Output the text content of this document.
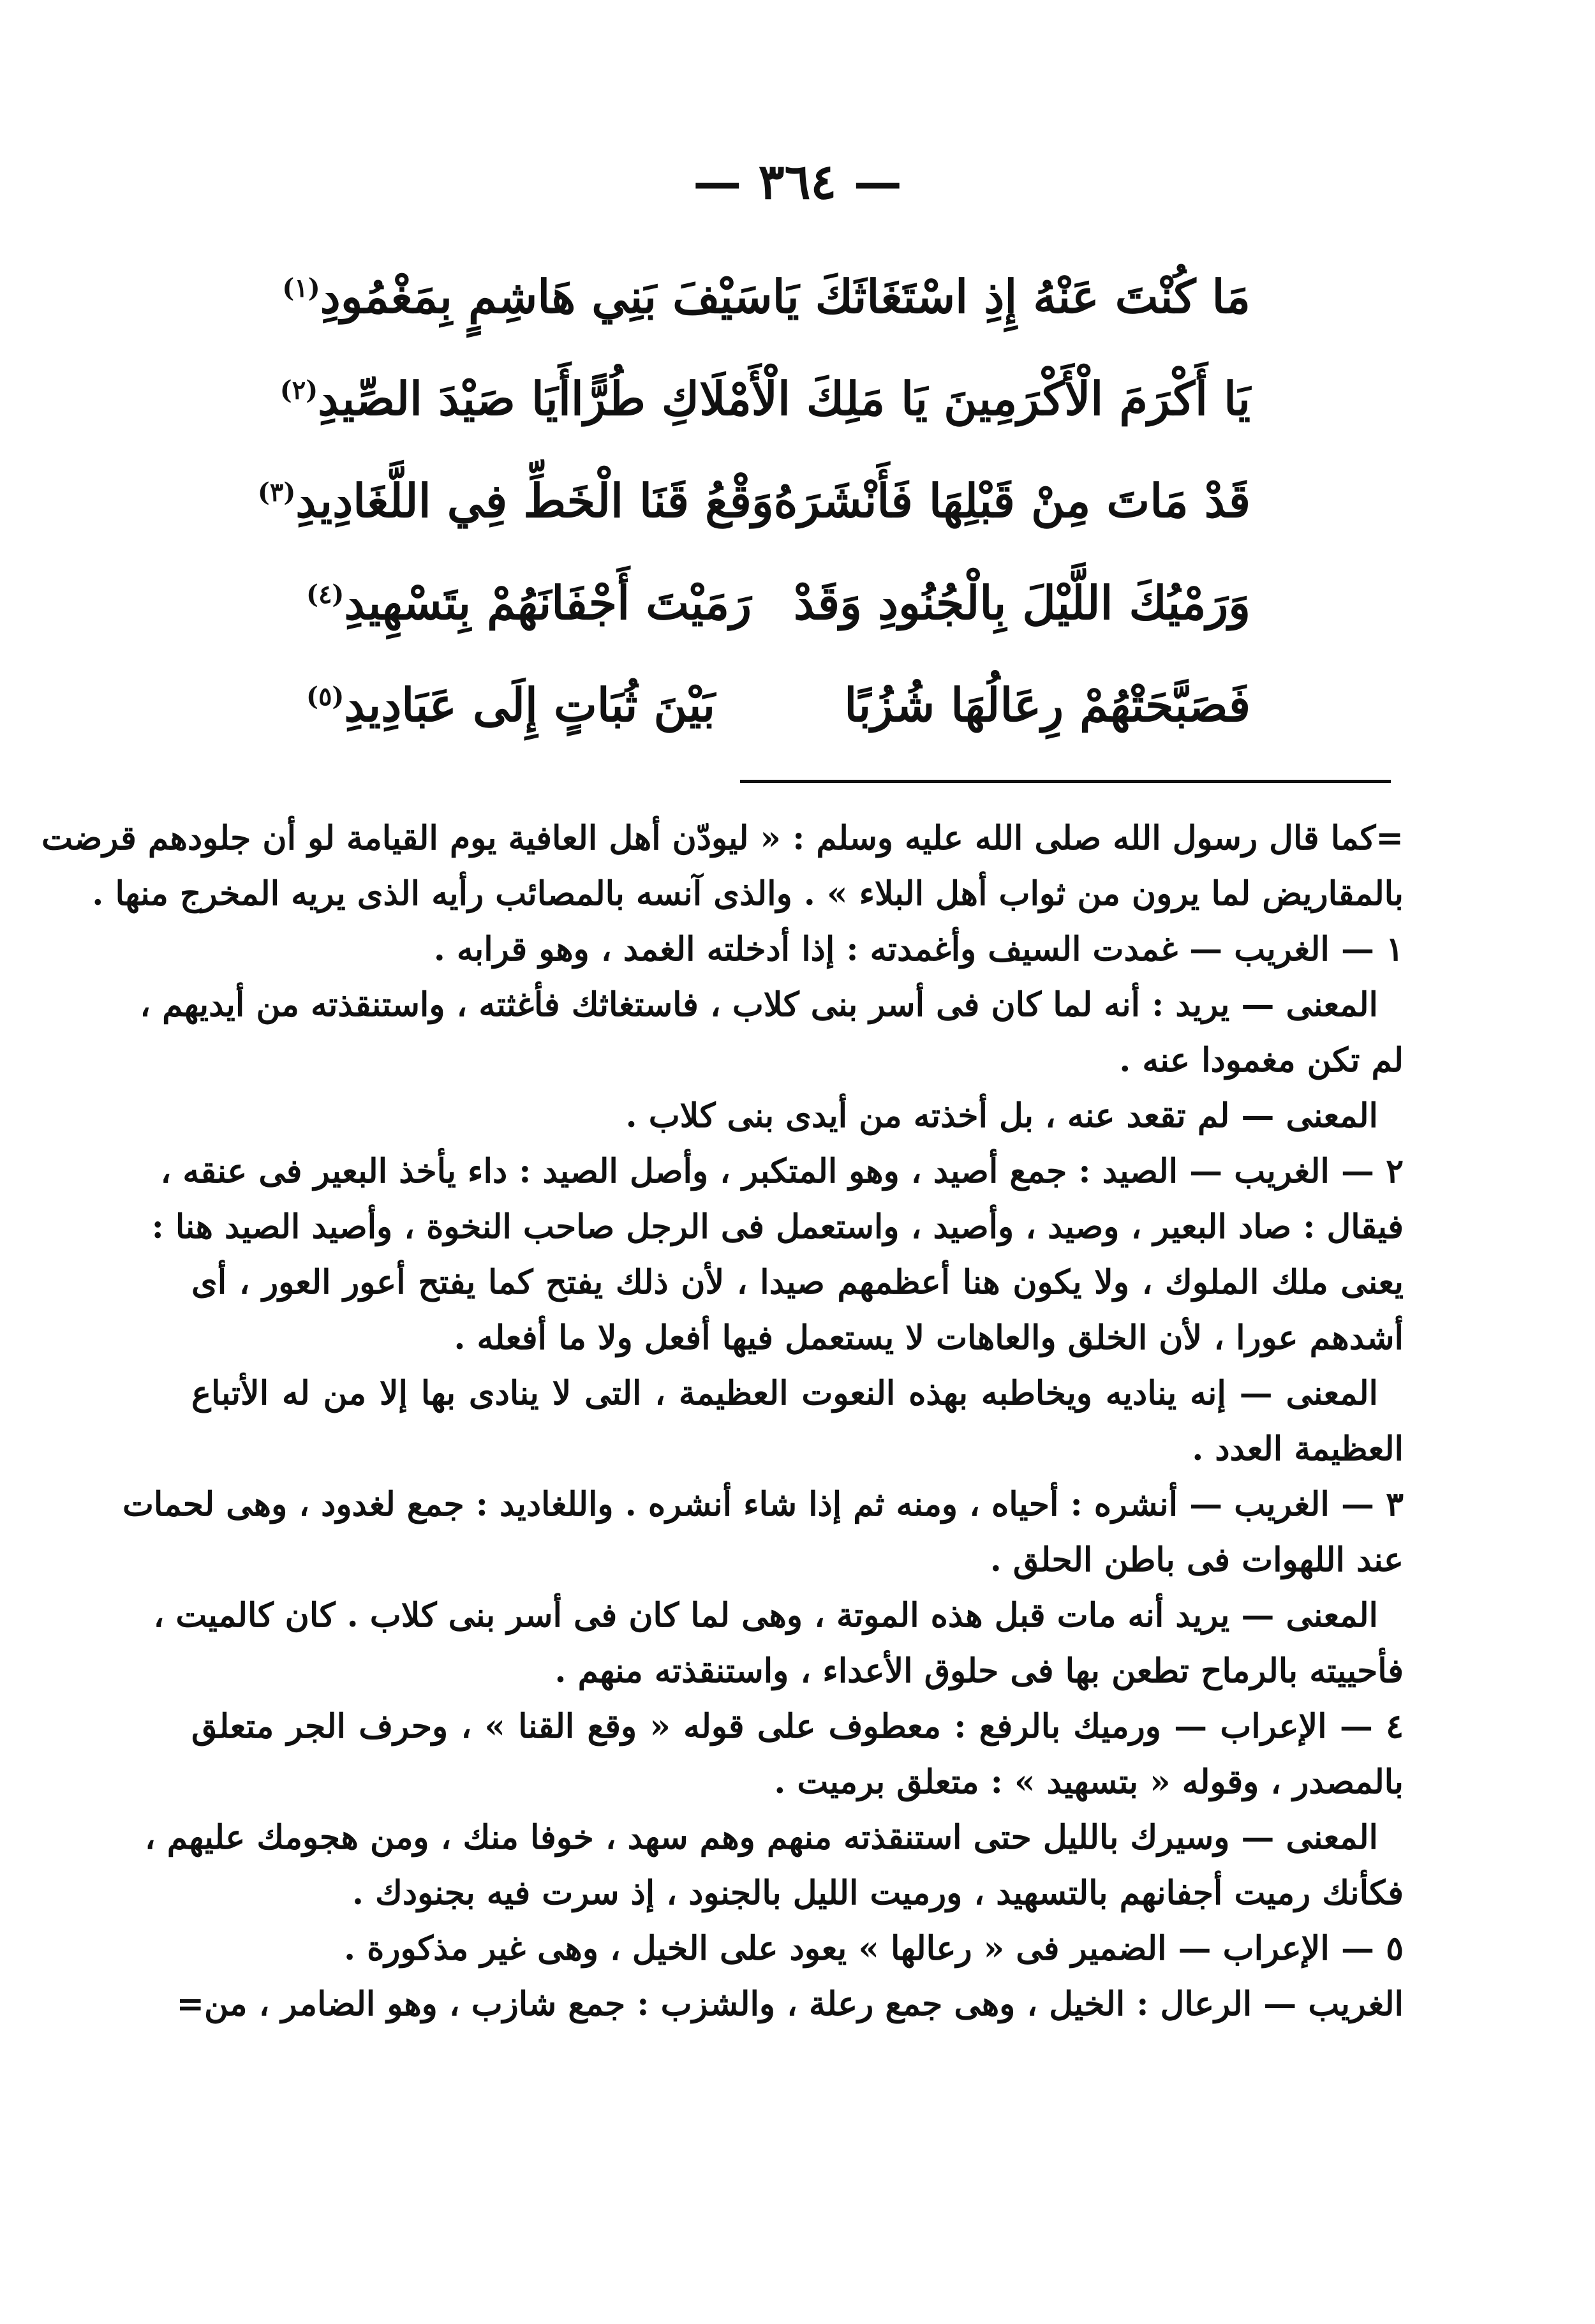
— ٣٦٤ —
مَا كُنْتَ عَنْهُ إِذِ اسْتَغَاثَكَ يَا
سَيْفَ بَنِي هَاشِمٍ بِمَغْمُودِ$^{(١)}$
يَا أَكْرَمَ الْأَكْرَمِينَ يَا مَلِكَ الْأَمْلَاكِ طُرًّا
أَيَا صَيْدَ الصِّيدِ$^{(٢)}$
قَدْ مَاتَ مِنْ قَبْلِهَا فَأَنْشَرَهُ
وَقْعُ قَنَا الْخَطِّ فِي اللَّغَادِيدِ$^{(٣)}$
وَرَمْيُكَ اللَّيْلَ بِالْجُنُودِ وَقَدْ
رَمَيْتَ أَجْفَانَهُمْ بِتَسْهِيدِ$^{(٤)}$
فَصَبَّحَتْهُمْ رِعَالُهَا شُزُبًا
بَيْنَ ثُبَاتٍ إِلَى عَبَادِيدِ$^{(٥)}$
=كما قال رسول الله صلى الله عليه وسلم : « ليودّن أهل العافية يوم القيامة لو أن جلودهم قرضت
بالمقاريض لما يرون من ثواب أهل البلاء » . والذى آنسه بالمصائب رأيه الذى يريه المخرج منها .
١ — الغريب — غمدت السيف وأغمدته : إذا أدخلته الغمد ، وهو قرابه .
المعنى — يريد : أنه لما كان فى أسر بنى كلاب ، فاستغاثك فأغثته ، واستنقذته من أيديهم ،
لم تكن مغمودا عنه .
المعنى — لم تقعد عنه ، بل أخذته من أيدى بنى كلاب .
٢ — الغريب — الصيد : جمع أصيد ، وهو المتكبر ، وأصل الصيد : داء يأخذ البعير فى عنقه ،
فيقال : صاد البعير ، وصيد ، وأصيد ، واستعمل فى الرجل صاحب النخوة ، وأصيد الصيد هنا :
يعنى ملك الملوك ، ولا يكون هنا أعظمهم صيدا ، لأن ذلك يفتح كما يفتح أعور العور ، أى
أشدهم عورا ، لأن الخلق والعاهات لا يستعمل فيها أفعل ولا ما أفعله .
المعنى — إنه يناديه ويخاطبه بهذه النعوت العظيمة ، التى لا ينادى بها إلا من له الأتباع
العظيمة العدد .
٣ — الغريب — أنشره : أحياه ، ومنه ثم إذا شاء أنشره . واللغاديد : جمع لغدود ، وهى لحمات
عند اللهوات فى باطن الحلق .
المعنى — يريد أنه مات قبل هذه الموتة ، وهى لما كان فى أسر بنى كلاب . كان كالميت ،
فأحييته بالرماح تطعن بها فى حلوق الأعداء ، واستنقذته منهم .
٤ — الإعراب — ورميك بالرفع : معطوف على قوله « وقع القنا » ، وحرف الجر متعلق
بالمصدر ، وقوله « بتسهيد » : متعلق برميت .
المعنى — وسيرك بالليل حتى استنقذته منهم وهم سهد ، خوفا منك ، ومن هجومك عليهم ،
فكأنك رميت أجفانهم بالتسهيد ، ورميت الليل بالجنود ، إذ سرت فيه بجنودك .
٥ — الإعراب — الضمير فى « رعالها » يعود على الخيل ، وهى غير مذكورة .
الغريب — الرعال : الخيل ، وهى جمع رعلة ، والشزب : جمع شازب ، وهو الضامر ، من=
